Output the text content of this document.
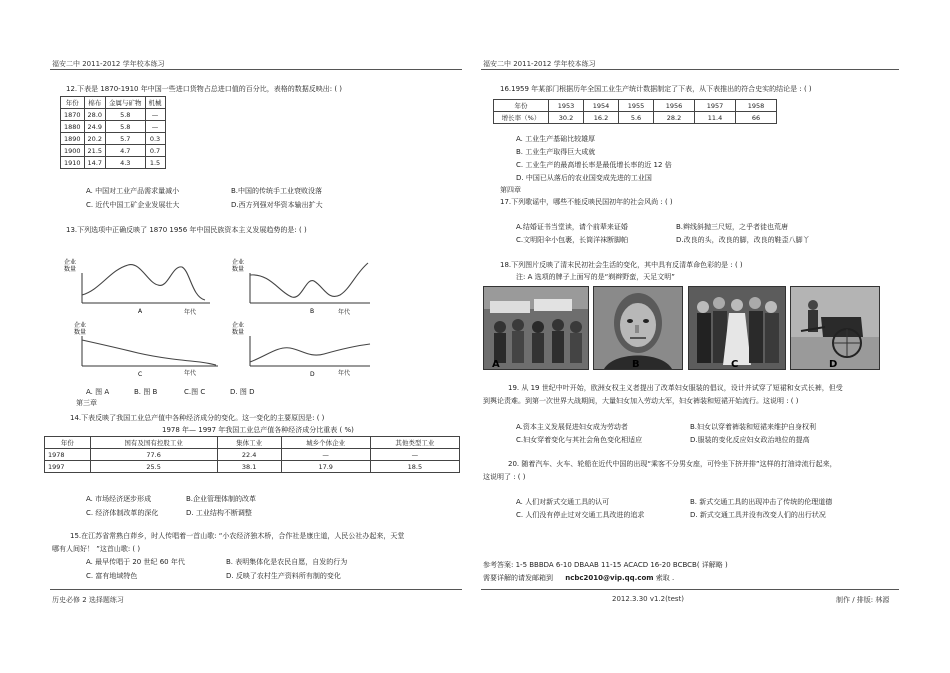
福安二中 2011-2012 学年校本练习	福安二中 2011-2012 学年校本练习
12.下表是 1870-1910 年中国一些进口货物占总进口值的百分比，表格的数据反映出: ( )
年份	棉布	金属与矿物	机械
1870	28.0	5.8	—
1880	24.9	5.8	—
1890	20.2	5.7	0.3
1900	21.5	4.7	0.7
1910	14.7	4.3	1.5
A. 中国对工业产品需求量减小	B.中国的传统手工业衰败没落
C. 近代中国工矿企业发展壮大	D.西方列强对华资本输出扩大
13.下列选项中正确反映了 1870 1956 年中国民族资本主义发展趋势的是: ( )
企业
数量
A
企业
数量
B
企业
数量
C
企业
数量
D
年代	年代
年代	年代
A. 图 A	B. 图 B	C.图 C	D. 图 D
第三章
14.下表反映了我国工业总产值中各种经济成分的变化。这一变化的主要原因是: ( )
1978 年— 1997 年我国工业总产值各种经济成分比重表 ( %)
年份	国有及国有控股工业	集体工业	城乡个体企业	其他类型工业
1978	77.6	22.4	—	—
1997	25.5	38.1	17.9	18.5
A. 市场经济逐步形成	B.企业管理体制的改革
C. 经济体制改革的深化	D. 工业结构不断调整
15.在江苏省常熟白茆乡，时人传唱着一首山歌: “小农经济独木桥，合作社是康庄道，人民公社办起来，天堂
哪有人间好！ ”这首山歌: ( )
A. 最早传唱于 20 世纪 60 年代	B. 表明集体化是农民自愿，自发的行为
C. 富有地域特色	D. 反映了农村生产资料所有制的变化
16.1959 年某部门根据历年全国工业生产统计数据制定了下表，从下表推出的符合史实的结论是 : ( )
年份	1953	1954	1955	1956	1957	1958
增长率（%）	30.2	16.2	5.6	28.2	11.4	66
A. 工业生产基础比较雄厚
B. 工业生产取得巨大成就
C. 工业生产的最高增长率是最低增长率的近 12 倍
D. 中国已从落后的农业国变成先进的工业国
第四章
17.下列歌谣中，哪些不能反映民国初年的社会风尚 : ( )
A.结婚证书当堂读，请个前辈来证婚	B.辫线斜抛三尺短，之乎者徒也荒唐
C.文明阳伞小包裹，长筒洋袜断脚帕	D.改良的头，改良的脚，改良的鞋歪八脚丫
18.下列图片反映了清末民初社会生活的变化，其中具有反清革命色彩的是 : ( )
注: A 选项的牌子上面写的是“剃辫野蛮，天足文明”
A	B	C	D
19. 从 19 世纪中叶开始，欧洲女权主义者提出了改革妇女服装的倡议，设计并试穿了短裙和女式长裤，但受
到舆论责难。到第一次世界大战期间，大量妇女加入劳动大军，妇女裤装和短裙开始流行。这说明 : ( )
A.资本主义发展促进妇女成为劳动者	B.妇女以穿着裤装和短裙来维护自身权利
C.妇女穿着变化与其社会角色变化相适应	D.服装的变化反应妇女政治地位的提高
20. 随着汽车、火车、轮船在近代中国的出现“乘客不分男女座，可怜坐下挤并排”这样的打油诗流行起来，
这说明了 : ( )
A. 人们对新式交通工具的认可	B. 新式交通工具的出现冲击了传统的伦理道德
C. 人们没有停止过对交通工具改进的追求	D. 新式交通工具并没有改变人们的出行状况
参考答案: 1-5 BBBDA 6-10 DBAAB 11-15 ACACD 16-20 BCBCB( 详解略 )
需要详解的请发邮箱到 ncbc2010@vip.qq.com 索取 .
历史必修 2 选择题练习	2012.3.30 v1.2(test)	制作 / 排版: 林源
